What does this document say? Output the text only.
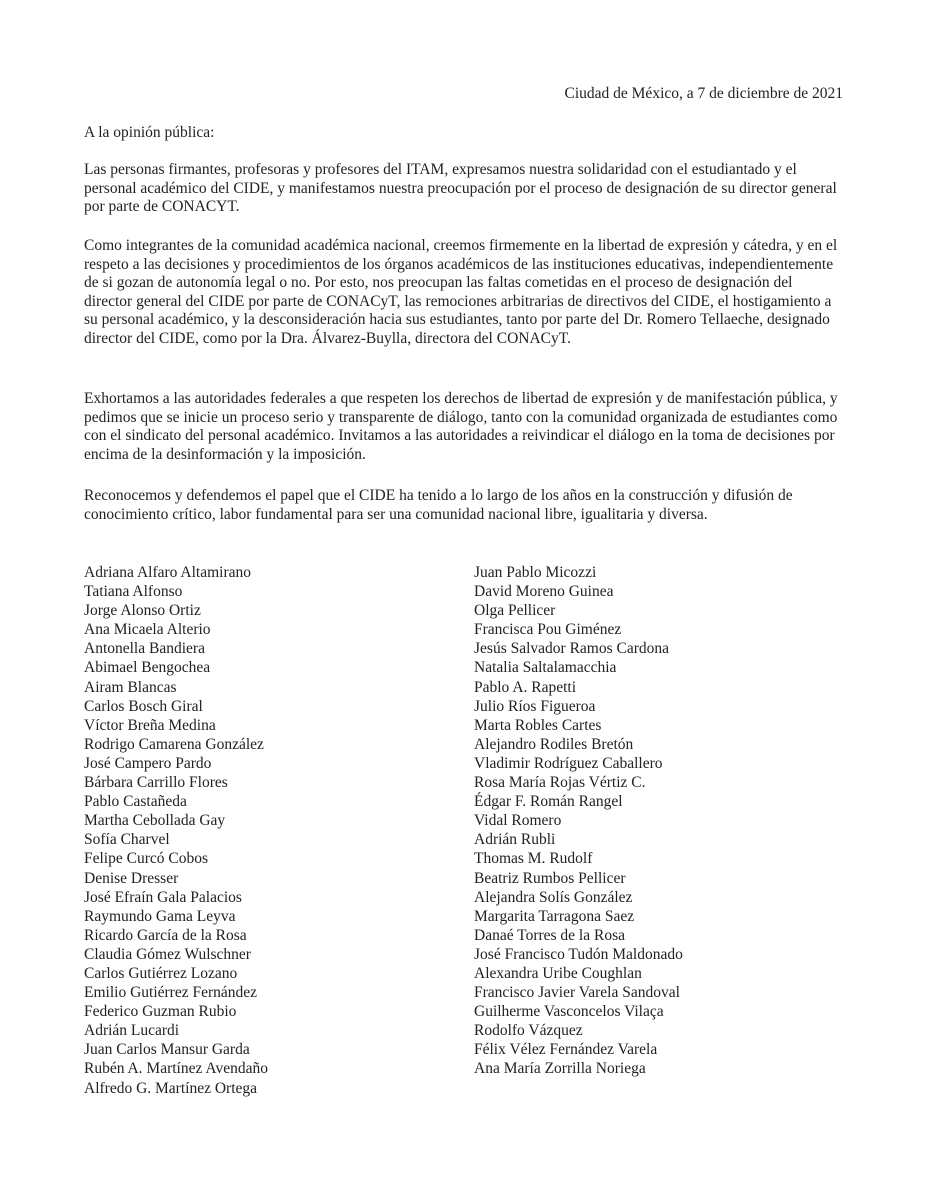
Ciudad de México, a 7 de diciembre de 2021
A la opinión pública:

Las personas firmantes, profesoras y profesores del ITAM, expresamos nuestra solidaridad con el estudiantado y el personal académico del CIDE, y manifestamos nuestra preocupación por el proceso de designación de su director general por parte de CONACYT.

Como integrantes de la comunidad académica nacional, creemos firmemente en la libertad de expresión y cátedra, y en el respeto a las decisiones y procedimientos de los órganos académicos de las instituciones educativas, independientemente de si gozan de autonomía legal o no. Por esto, nos preocupan las faltas cometidas en el proceso de designación del director general del CIDE por parte de CONACyT, las remociones arbitrarias de directivos del CIDE, el hostigamiento a su personal académico, y la desconsideración hacia sus estudiantes, tanto por parte del Dr. Romero Tellaeche, designado director del CIDE, como por la Dra. Álvarez-Buylla, directora del CONACyT.

Exhortamos a las autoridades federales a que respeten los derechos de libertad de expresión y de manifestación pública, y pedimos que se inicie un proceso serio y transparente de diálogo, tanto con la comunidad organizada de estudiantes como con el sindicato del personal académico. Invitamos a las autoridades a reivindicar el diálogo en la toma de decisiones por encima de la desinformación y la imposición.

Reconocemos y defendemos el papel que el CIDE ha tenido a lo largo de los años en la construcción y difusión de conocimiento crítico, labor fundamental para ser una comunidad nacional libre, igualitaria y diversa.

Adriana Alfaro Altamirano
Tatiana Alfonso
Jorge Alonso Ortiz
Ana Micaela Alterio
Antonella Bandiera
Abimael Bengochea
Airam Blancas
Carlos Bosch Giral
Víctor Breña Medina
Rodrigo Camarena González
José Campero Pardo
Bárbara Carrillo Flores
Pablo Castañeda
Martha Cebollada Gay
Sofía Charvel
Felipe Curcó Cobos
Denise Dresser
José Efraín Gala Palacios
Raymundo Gama Leyva
Ricardo García de la Rosa
Claudia Gómez Wulschner
Carlos Gutiérrez Lozano
Emilio Gutiérrez Fernández
Federico Guzman Rubio
Adrián Lucardi
Juan Carlos Mansur Garda
Rubén A. Martínez Avendaño
Alfredo G. Martínez Ortega
Juan Pablo Micozzi
David Moreno Guinea
Olga Pellicer
Francisca Pou Giménez
Jesús Salvador Ramos Cardona
Natalia Saltalamacchia
Pablo A. Rapetti
Julio Ríos Figueroa
Marta Robles Cartes
Alejandro Rodiles Bretón
Vladimir Rodríguez Caballero
Rosa María Rojas Vértiz C.
Édgar F. Román Rangel
Vidal Romero
Adrián Rubli
Thomas M. Rudolf
Beatriz Rumbos Pellicer
Alejandra Solís González
Margarita Tarragona Saez
Danaé Torres de la Rosa
José Francisco Tudón Maldonado
Alexandra Uribe Coughlan
Francisco Javier Varela Sandoval
Guilherme Vasconcelos Vilaça
Rodolfo Vázquez
Félix Vélez Fernández Varela
Ana María Zorrilla Noriega
